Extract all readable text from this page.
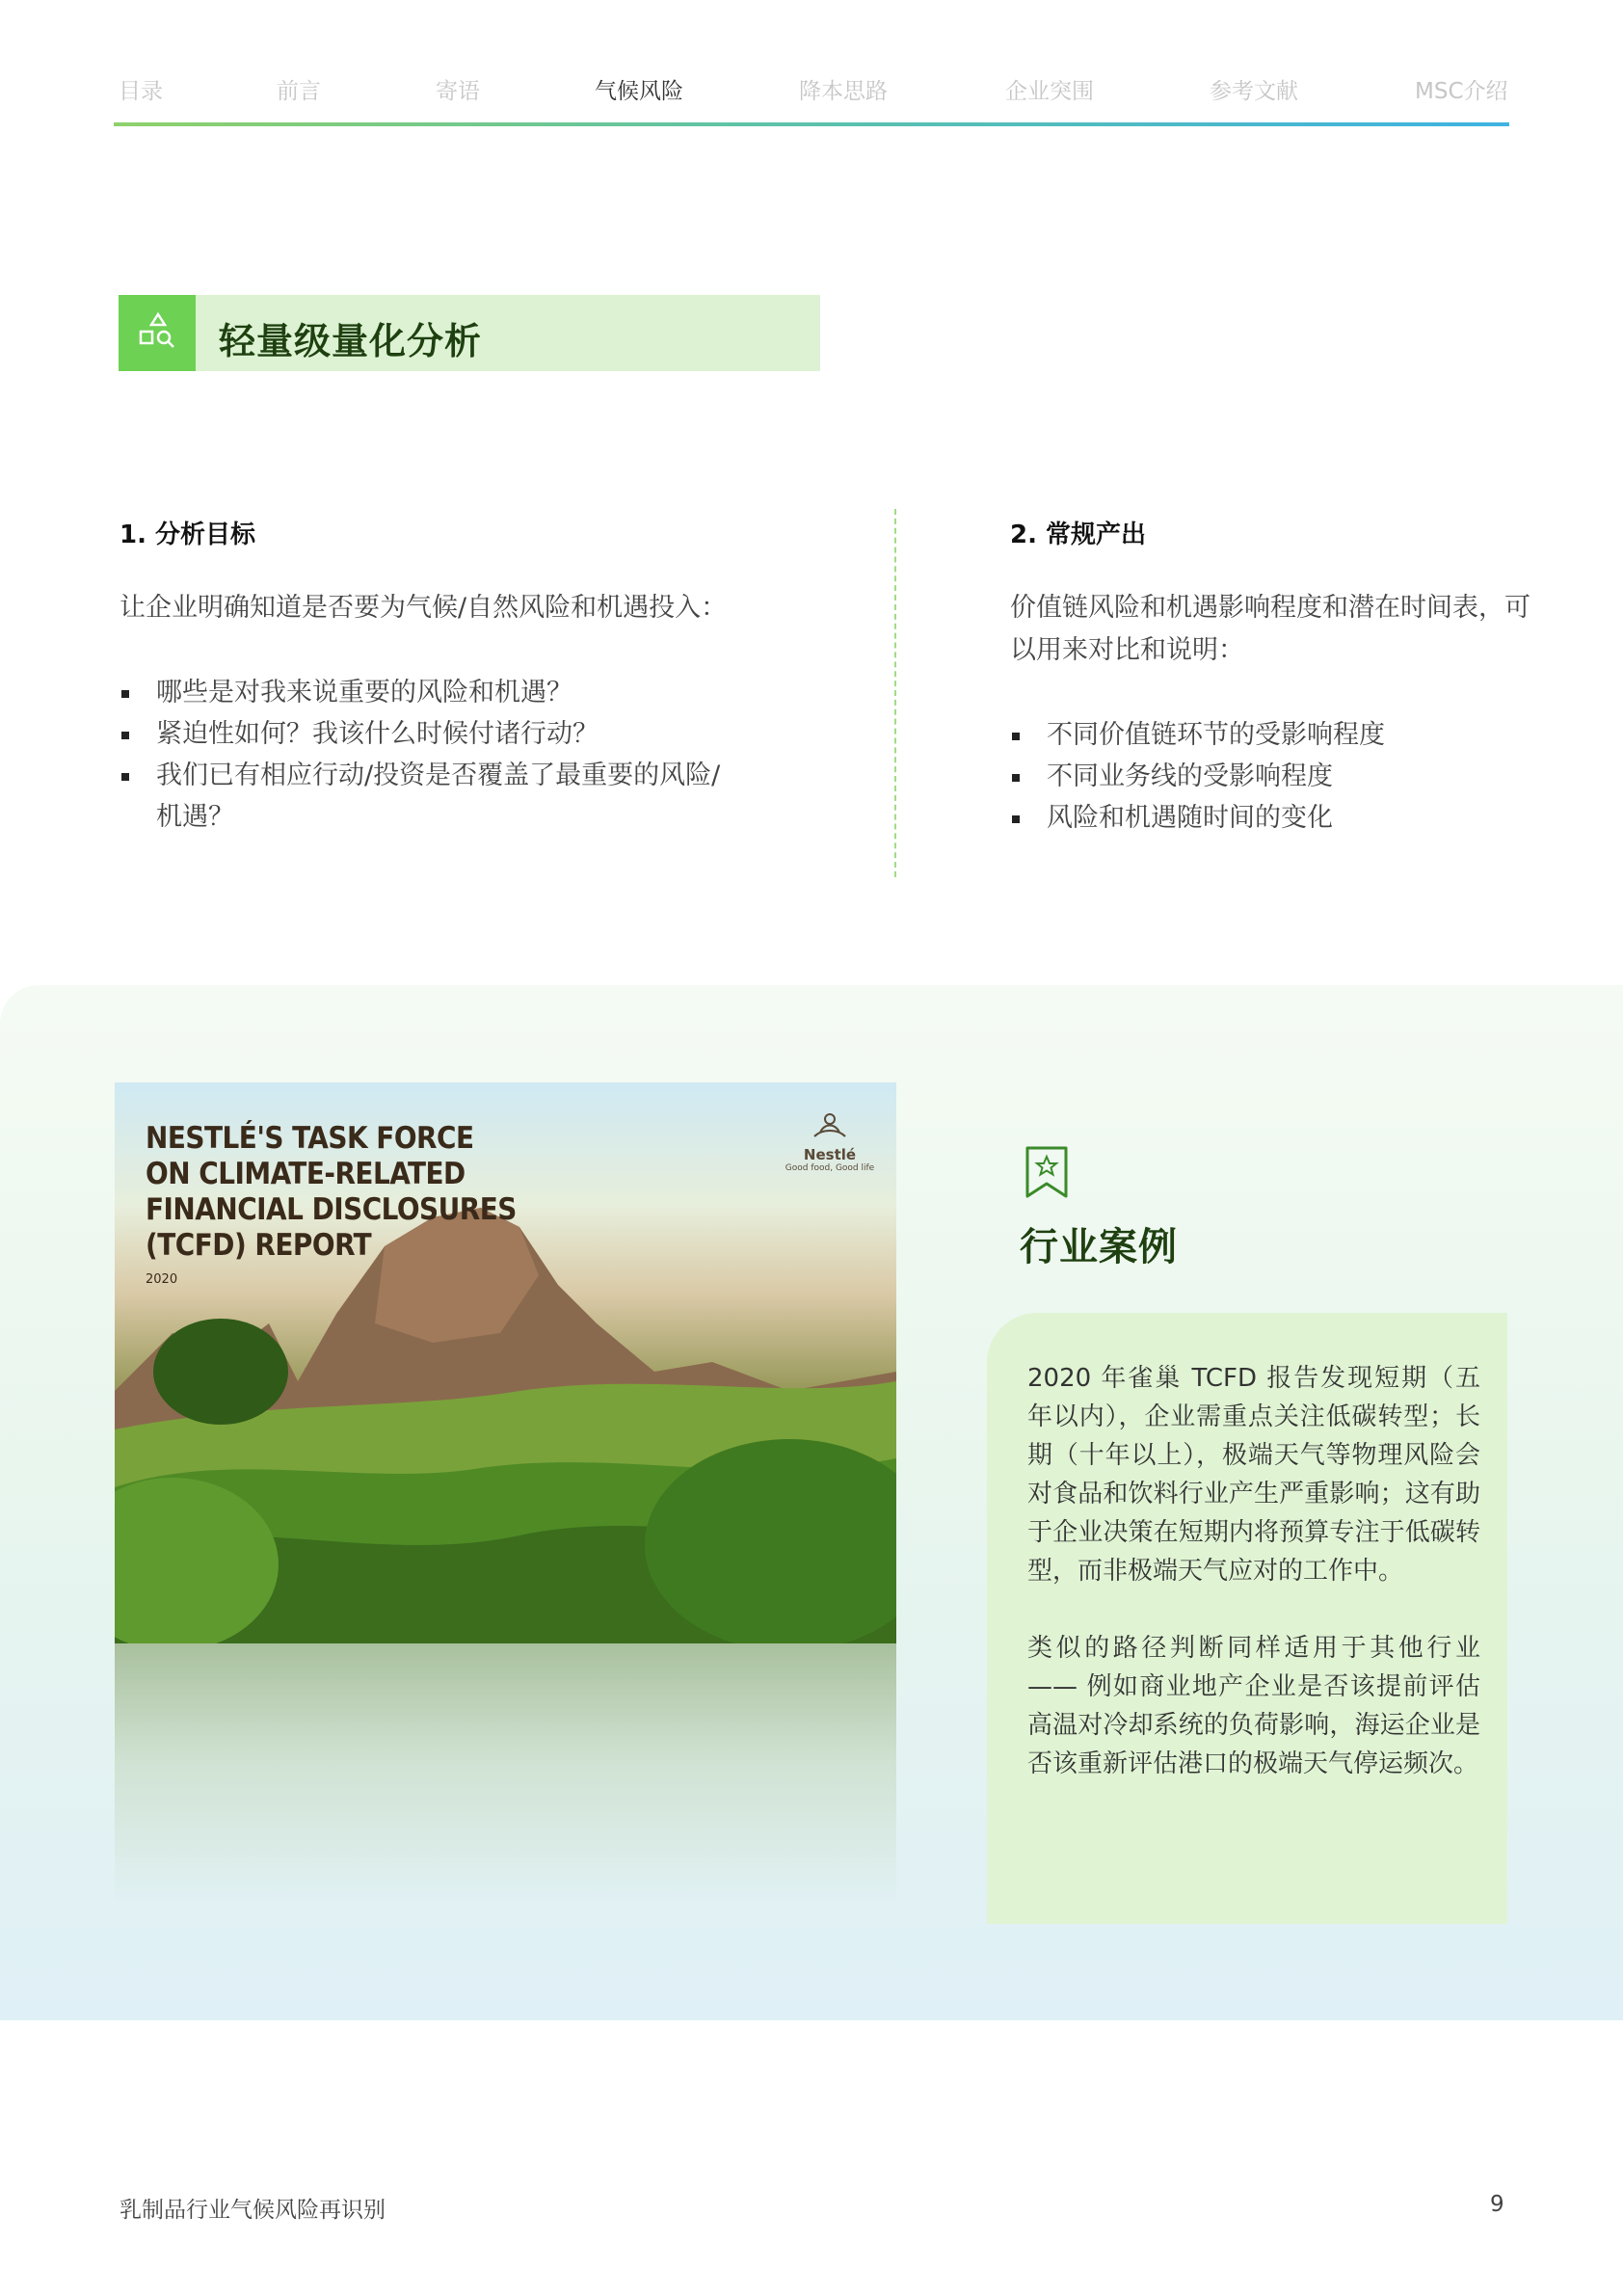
目录	前言	寄语	气候风险	降本思路	企业突围	参考文献	MSC介绍
轻量级量化分析
1. 分析目标

让企业明确知道是否要为气候/自然风险和机遇投入：

哪些是对我来说重要的风险和机遇？
紧迫性如何？我该什么时候付诸行动？
我们已有相应行动/投资是否覆盖了最重要的风险/机遇？
2. 常规产出

价值链风险和机遇影响程度和潜在时间表，可以用来对比和说明：

不同价值链环节的受影响程度
不同业务线的受影响程度
风险和机遇随时间的变化
NESTLÉ'S TASK FORCE
ON CLIMATE-RELATED
FINANCIAL DISCLOSURES
(TCFD) REPORT
2020
Nestlé
Good food, Good life
行业案例

2020 年雀巢 TCFD 报告发现短期（五年以内），企业需重点关注低碳转型；长期（十年以上），极端天气等物理风险会对食品和饮料行业产生严重影响；这有助于企业决策在短期内将预算专注于低碳转型，而非极端天气应对的工作中。

类似的路径判断同样适用于其他行业 —— 例如商业地产企业是否该提前评估高温对冷却系统的负荷影响，海运企业是否该重新评估港口的极端天气停运频次。

乳制品行业气候风险再识别	9
